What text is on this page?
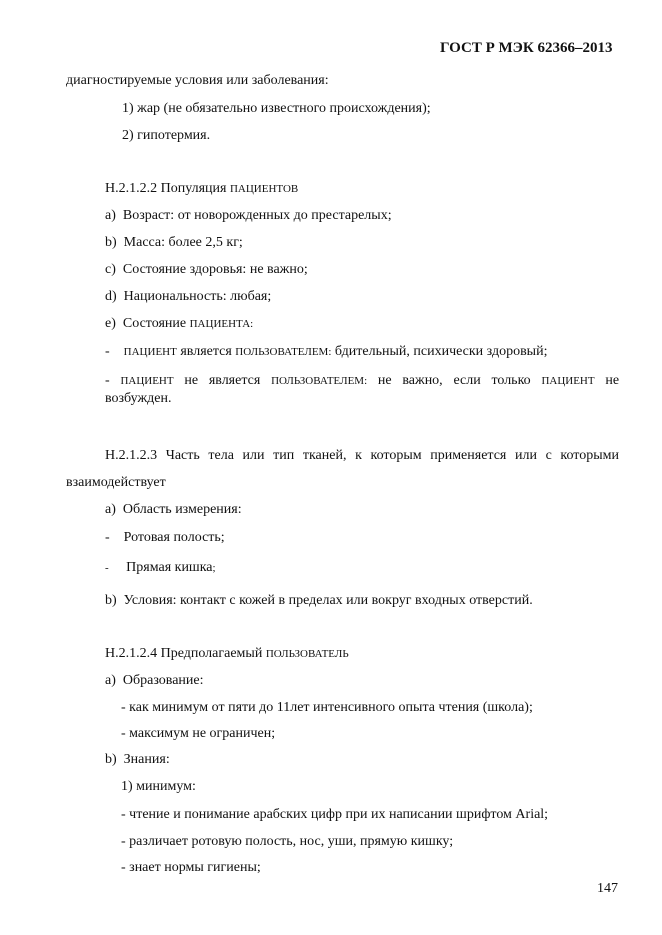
ГОСТ Р МЭК 62366–2013
диагностируемые условия или заболевания:
1) жар (не обязательно известного происхождения);
2) гипотермия.
Н.2.1.2.2 Популяция ПАЦИЕНТОВ
a) Возраст: от новорожденных до престарелых;
b) Масса: более 2,5 кг;
c) Состояние здоровья: не важно;
d) Национальность: любая;
e) Состояние ПАЦИЕНТА:
- ПАЦИЕНТ является ПОЛЬЗОВАТЕЛЕМ: бдительный, психически здоровый;
- ПАЦИЕНТ не является ПОЛЬЗОВАТЕЛЕМ: не важно, если только ПАЦИЕНТ не
возбужден.
Н.2.1.2.3 Часть тела или тип тканей, к которым применяется или с которыми
взаимодействует
a) Область измерения:
- Ротовая полость;
- Прямая кишка;
b) Условия: контакт с кожей в пределах или вокруг входных отверстий.
Н.2.1.2.4 Предполагаемый ПОЛЬЗОВАТЕЛЬ
a) Образование:
- как минимум от пяти до 11лет интенсивного опыта чтения (школа);
- максимум не ограничен;
b) Знания:
1) минимум:
- чтение и понимание арабских цифр при их написании шрифтом Arial;
- различает ротовую полость, нос, уши, прямую кишку;
- знает нормы гигиены;
147
